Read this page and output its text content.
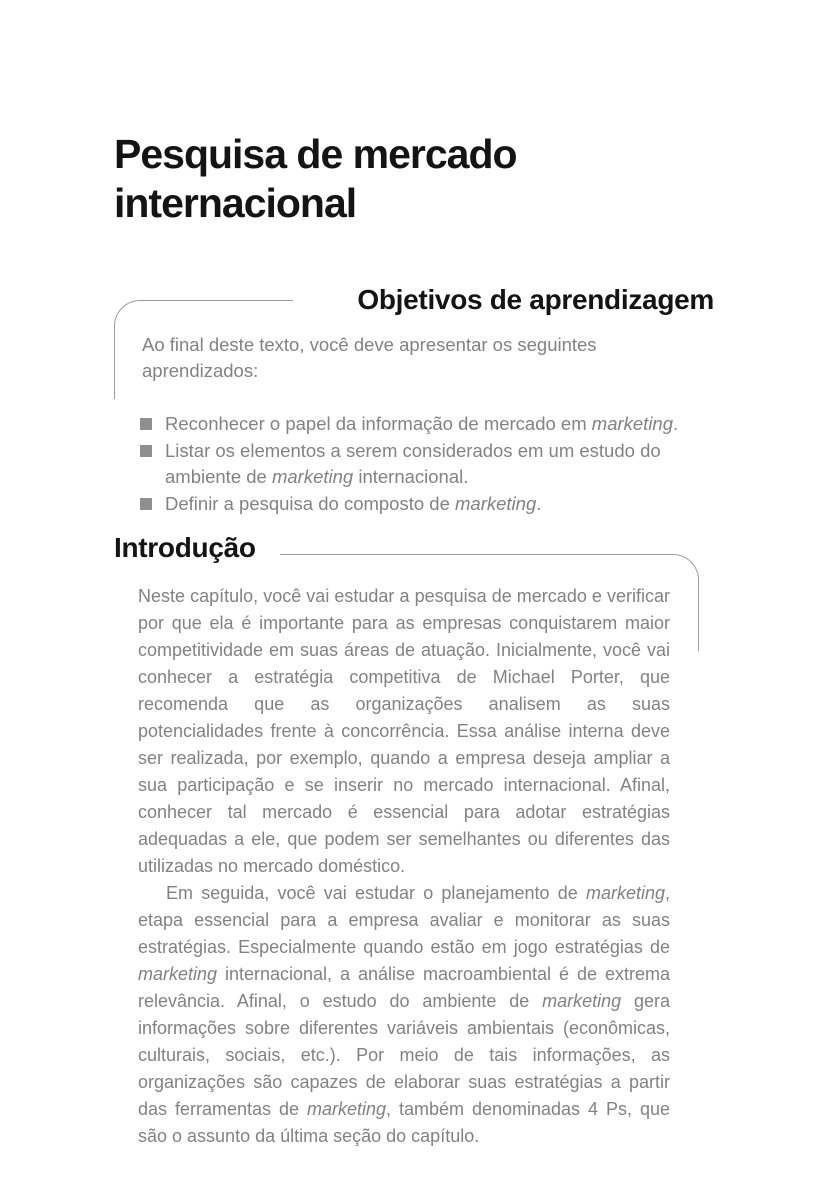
Pesquisa de mercado internacional
Objetivos de aprendizagem

Ao final deste texto, você deve apresentar os seguintes aprendizados:

Reconhecer o papel da informação de mercado em marketing.
Listar os elementos a serem considerados em um estudo do ambiente de marketing internacional.
Definir a pesquisa do composto de marketing.
Introdução

Neste capítulo, você vai estudar a pesquisa de mercado e verificar por que ela é importante para as empresas conquistarem maior competitividade em suas áreas de atuação. Inicialmente, você vai conhecer a estratégia competitiva de Michael Porter, que recomenda que as organizações analisem as suas potencialidades frente à concorrência. Essa análise interna deve ser realizada, por exemplo, quando a empresa deseja ampliar a sua participação e se inserir no mercado internacional. Afinal, conhecer tal mercado é essencial para adotar estratégias adequadas a ele, que podem ser semelhantes ou diferentes das utilizadas no mercado doméstico.

Em seguida, você vai estudar o planejamento de marketing, etapa essencial para a empresa avaliar e monitorar as suas estratégias. Especialmente quando estão em jogo estratégias de marketing internacional, a análise macroambiental é de extrema relevância. Afinal, o estudo do ambiente de marketing gera informações sobre diferentes variáveis ambientais (econômicas, culturais, sociais, etc.). Por meio de tais informações, as organizações são capazes de elaborar suas estratégias a partir das ferramentas de marketing, também denominadas 4 Ps, que são o assunto da última seção do capítulo.
